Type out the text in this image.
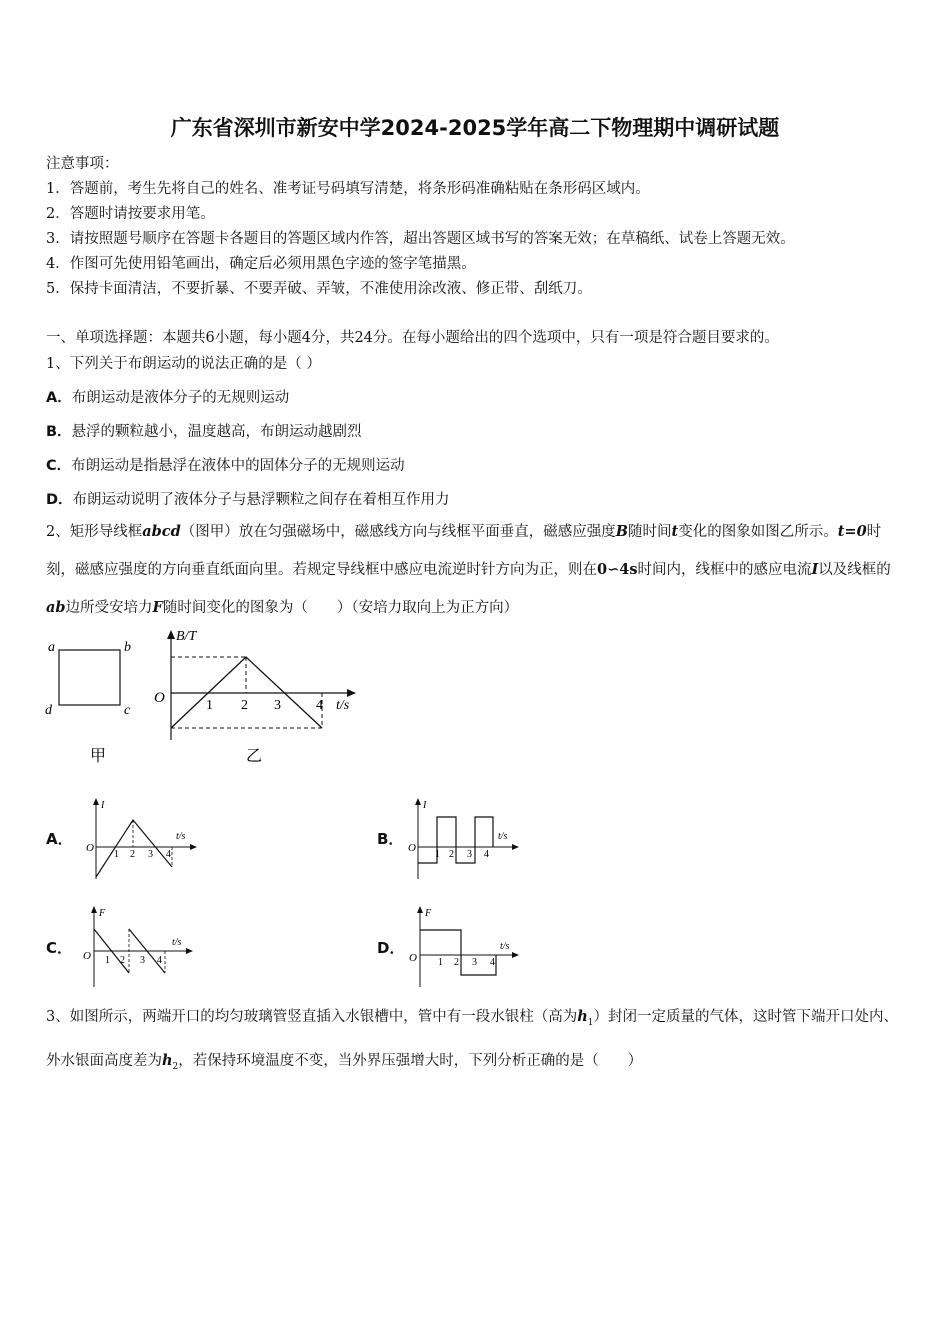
广东省深圳市新安中学2024-2025学年高二下物理期中调研试题
注意事项：
1．答题前，考生先将自己的姓名、准考证号码填写清楚，将条形码准确粘贴在条形码区域内。
2．答题时请按要求用笔。
3．请按照题号顺序在答题卡各题目的答题区域内作答，超出答题区域书写的答案无效；在草稿纸、试卷上答题无效。
4．作图可先使用铅笔画出，确定后必须用黑色字迹的签字笔描黑。
5．保持卡面清洁，不要折暴、不要弄破、弄皱，不准使用涂改液、修正带、刮纸刀。
一、单项选择题：本题共6小题，每小题4分，共24分。在每小题给出的四个选项中，只有一项是符合题目要求的。
1、下列关于布朗运动的说法正确的是（ ）
A．布朗运动是液体分子的无规则运动
B．悬浮的颗粒越小，温度越高，布朗运动越剧烈
C．布朗运动是指悬浮在液体中的固体分子的无规则运动
D．布朗运动说明了液体分子与悬浮颗粒之间存在着相互作用力
2、矩形导线框abcd（图甲）放在匀强磁场中，磁感线方向与线框平面垂直，磁感应强度B随时间t变化的图象如图乙所示。t=0时刻，磁感应强度的方向垂直纸面向里。若规定导线框中感应电流逆时针方向为正，则在0∽4s时间内，线框中的感应电流I以及线框的ab边所受安培力F随时间变化的图象为（　　）（安培力取向上为正方向）
a	b
c
d
甲
B/T
t/s
O	1 2 3	4
乙
A．
I
t/s
O
1 2 3 4
B．
I
t/s
O
1 2 3 4
C．
F
t/s
O 1 2 3 4
D．
F
t/s
O 1 2 3 4
3、如图所示，两端开口的均匀玻璃管竖直插入水银槽中，管中有一段水银柱（高为$h_1$）封闭一定质量的气体，这时管下端开口处内、外水银面高度差为$h_2$，若保持环境温度不变，当外界压强增大时，下列分析正确的是（　　）
